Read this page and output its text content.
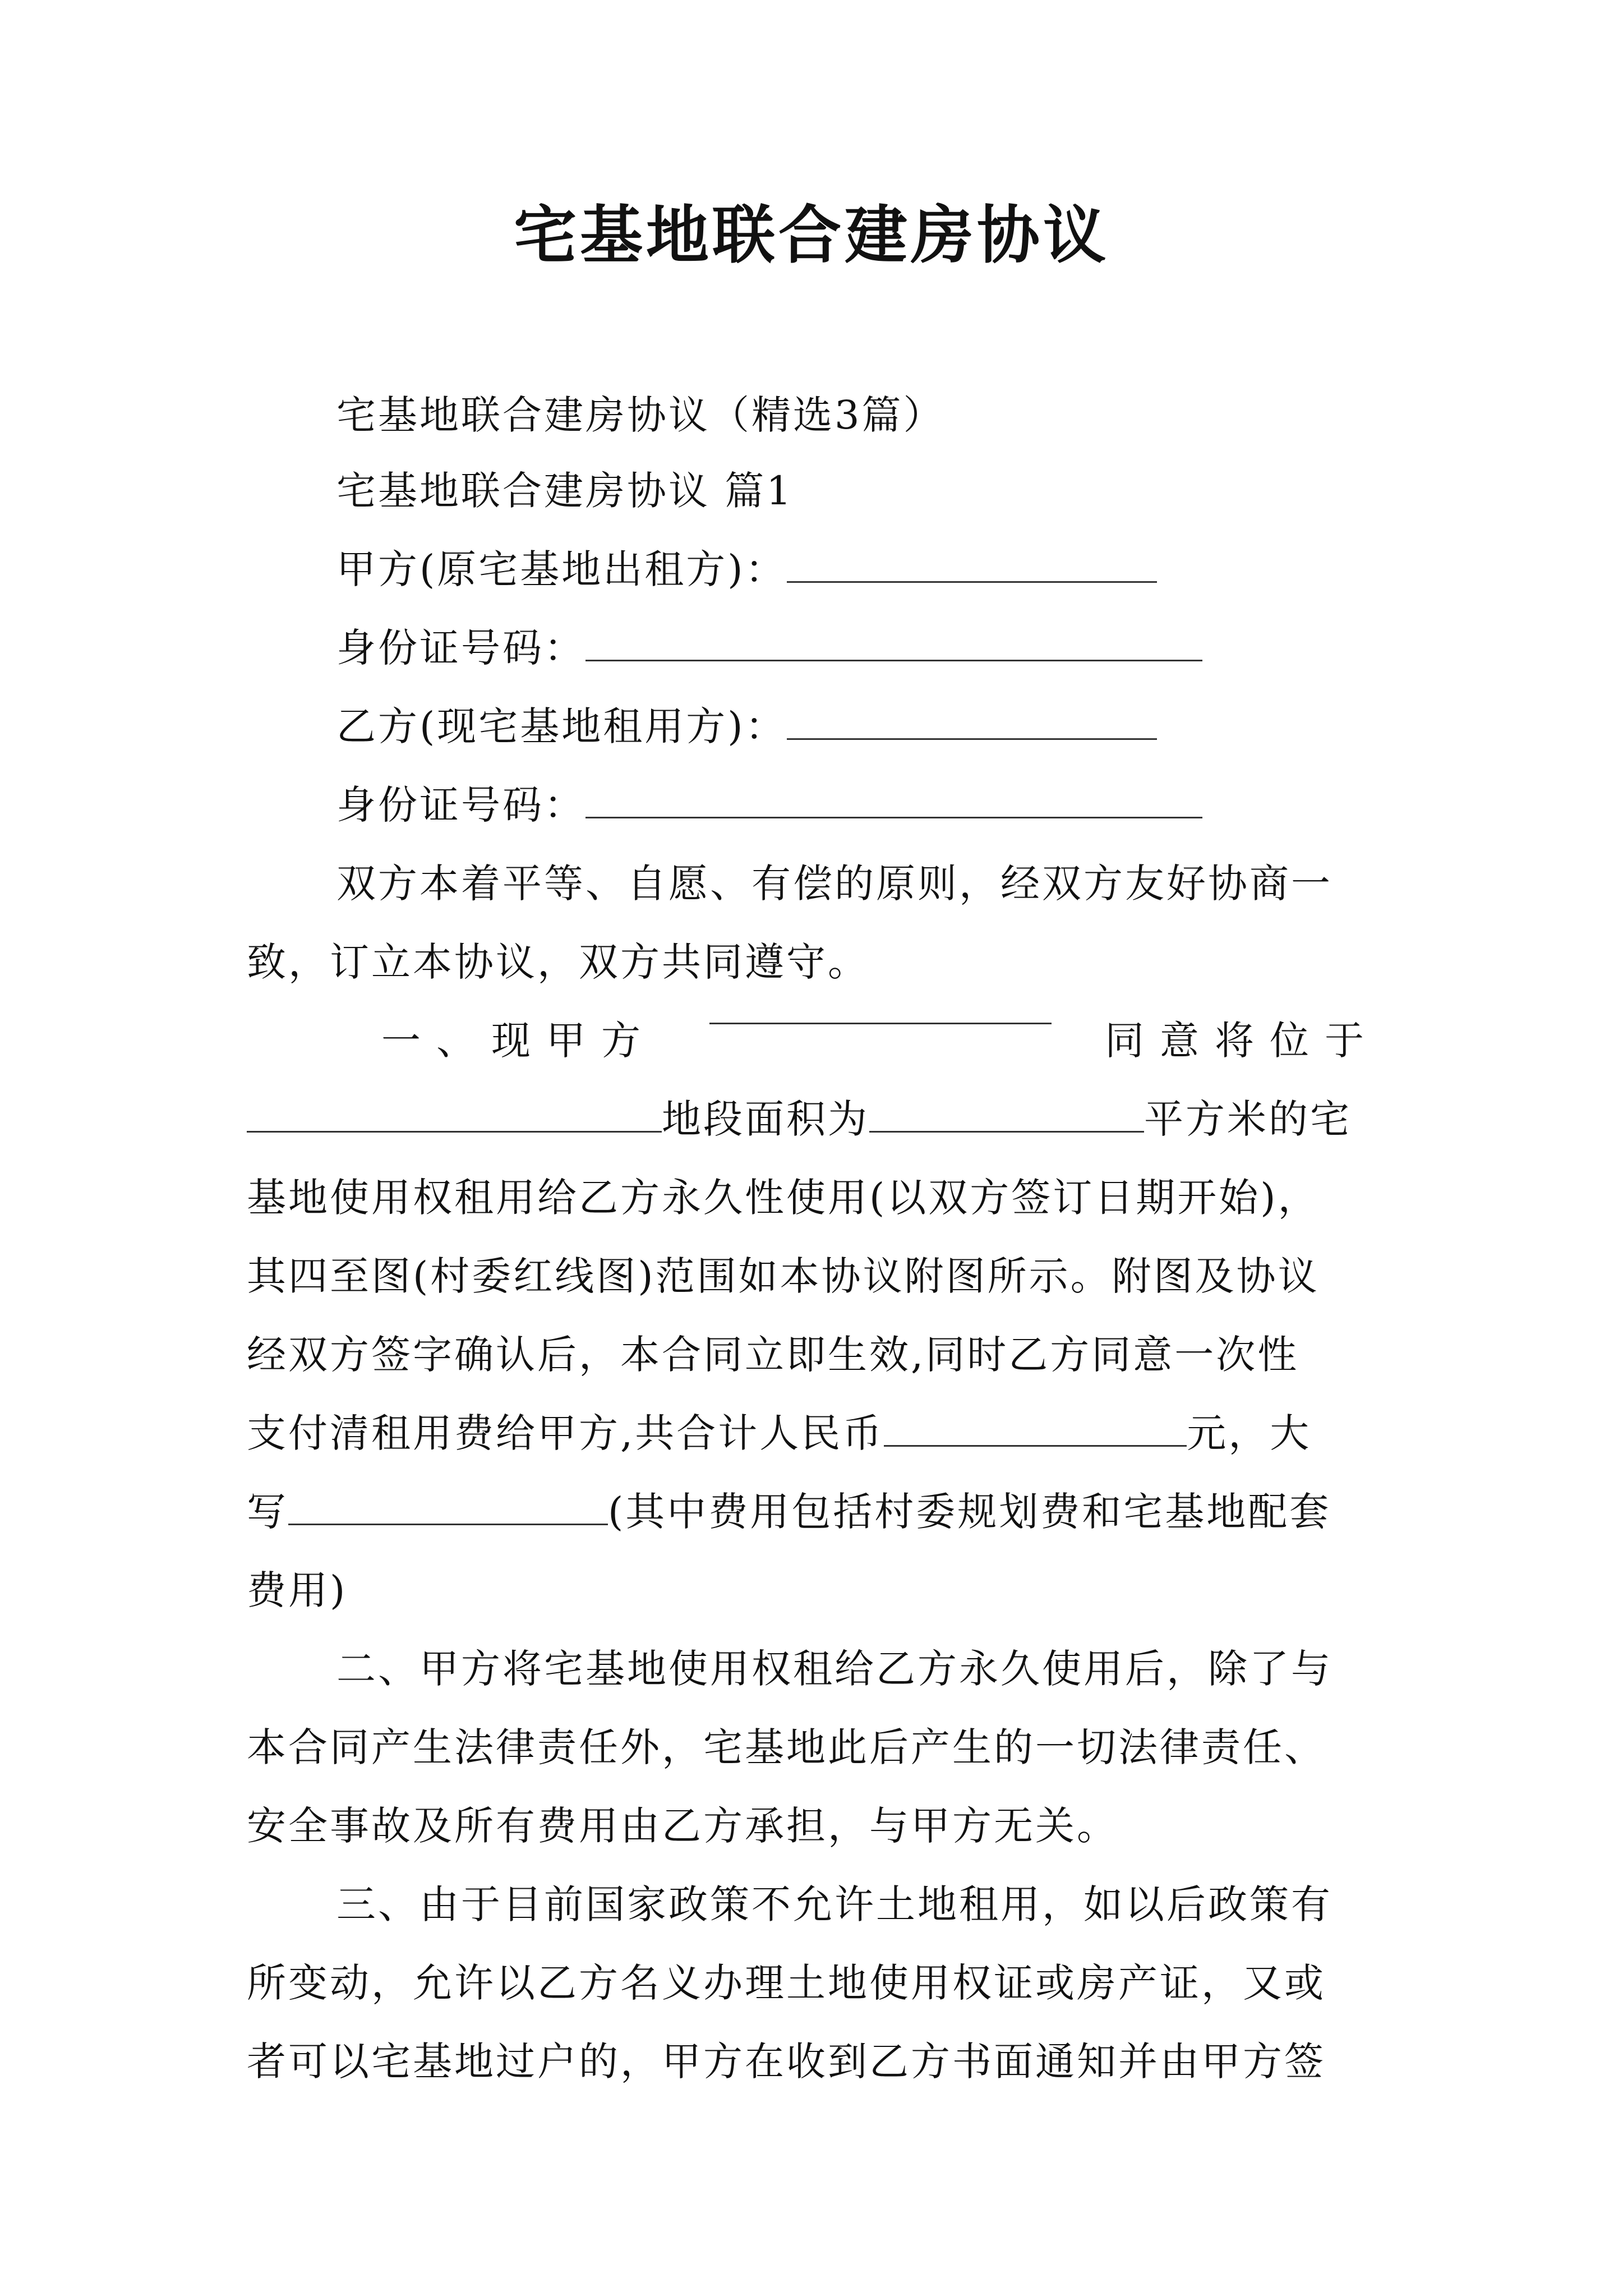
宅基地联合建房协议
宅基地联合建房协议（精选3篇）
宅基地联合建房协议 篇1
甲方(原宅基地出租方)：
身份证号码：
乙方(现宅基地租用方)：
身份证号码：
双方本着平等、自愿、有偿的原则，经双方友好协商一
致，订立本协议，双方共同遵守。
一、现甲方	同意将位于
地段面积为	平方米的宅
基地使用权租用给乙方永久性使用(以双方签订日期开始)，
其四至图(村委红线图)范围如本协议附图所示。附图及协议
经双方签字确认后，本合同立即生效,同时乙方同意一次性
支付清租用费给甲方,共合计人民币	元，大
写	(其中费用包括村委规划费和宅基地配套
费用)
二、甲方将宅基地使用权租给乙方永久使用后，除了与
本合同产生法律责任外，宅基地此后产生的一切法律责任、
安全事故及所有费用由乙方承担，与甲方无关。
三、由于目前国家政策不允许土地租用，如以后政策有
所变动，允许以乙方名义办理土地使用权证或房产证，又或
者可以宅基地过户的，甲方在收到乙方书面通知并由甲方签
